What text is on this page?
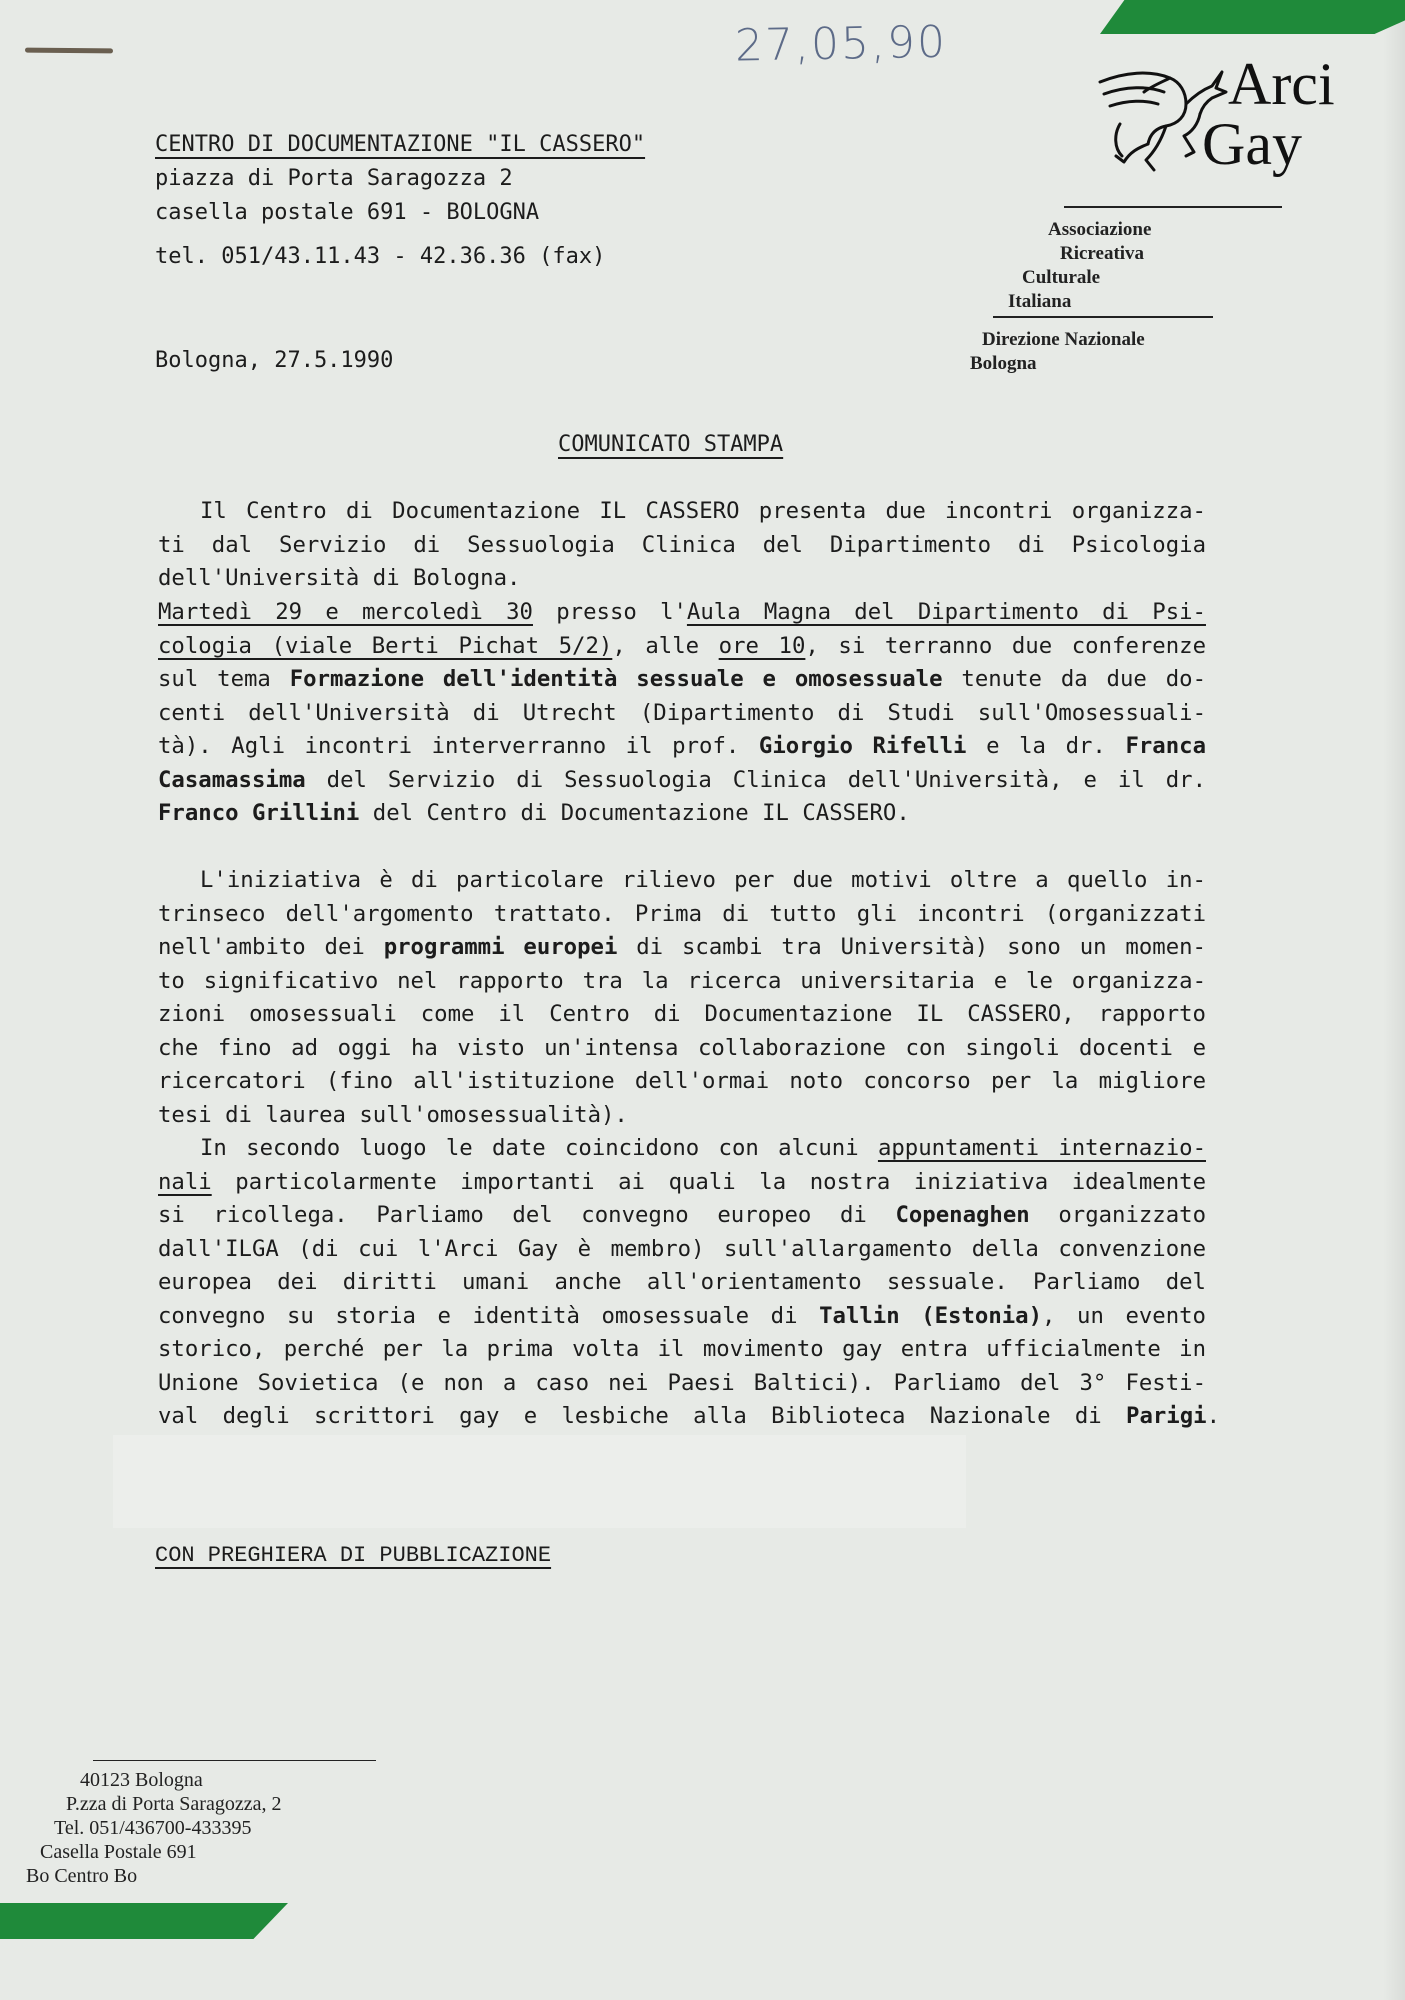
27,05,90
Arci
Gay
Associazione
Ricreativa
Culturale
Italiana
Direzione Nazionale
Bologna
CENTRO DI DOCUMENTAZIONE "IL CASSERO"
piazza di Porta Saragozza 2
casella postale 691 - BOLOGNA
tel. 051/43.11.43 - 42.36.36 (fax)
Bologna, 27.5.1990
COMUNICATO STAMPA

Il Centro di Documentazione IL CASSERO presenta due incontri organizza-
ti dal Servizio di Sessuologia Clinica del Dipartimento di Psicologia
dell'Università di Bologna.
Martedì 29 e mercoledì 30 presso l'Aula Magna del Dipartimento di Psi-
cologia (viale Berti Pichat 5/2), alle ore 10, si terranno due conferenze
sul tema Formazione dell'identità sessuale e omosessuale tenute da due do-
centi dell'Università di Utrecht (Dipartimento di Studi sull'Omosessuali-
tà). Agli incontri interverranno il prof. Giorgio Rifelli e la dr. Franca
Casamassima del Servizio di Sessuologia Clinica dell'Università, e il dr.
Franco Grillini del Centro di Documentazione IL CASSERO.
L'iniziativa è di particolare rilievo per due motivi oltre a quello in-
trinseco dell'argomento trattato. Prima di tutto gli incontri (organizzati
nell'ambito dei programmi europei di scambi tra Università) sono un momen-
to significativo nel rapporto tra la ricerca universitaria e le organizza-
zioni omosessuali come il Centro di Documentazione IL CASSERO, rapporto
che fino ad oggi ha visto un'intensa collaborazione con singoli docenti e
ricercatori (fino all'istituzione dell'ormai noto concorso per la migliore
tesi di laurea sull'omosessualità).
In secondo luogo le date coincidono con alcuni appuntamenti internazio-
nali particolarmente importanti ai quali la nostra iniziativa idealmente
si ricollega. Parliamo del convegno europeo di Copenaghen organizzato
dall'ILGA (di cui l'Arci Gay è membro) sull'allargamento della convenzione
europea dei diritti umani anche all'orientamento sessuale. Parliamo del
convegno su storia e identità omosessuale di Tallin (Estonia), un evento
storico, perché per la prima volta il movimento gay entra ufficialmente in
Unione Sovietica (e non a caso nei Paesi Baltici). Parliamo del 3° Festi-
val degli scrittori gay e lesbiche alla Biblioteca Nazionale di Parigi.
CON PREGHIERA DI PUBBLICAZIONE
40123 Bologna
P.zza di Porta Saragozza, 2
Tel. 051/436700-433395
Casella Postale 691
Bo Centro Bo
